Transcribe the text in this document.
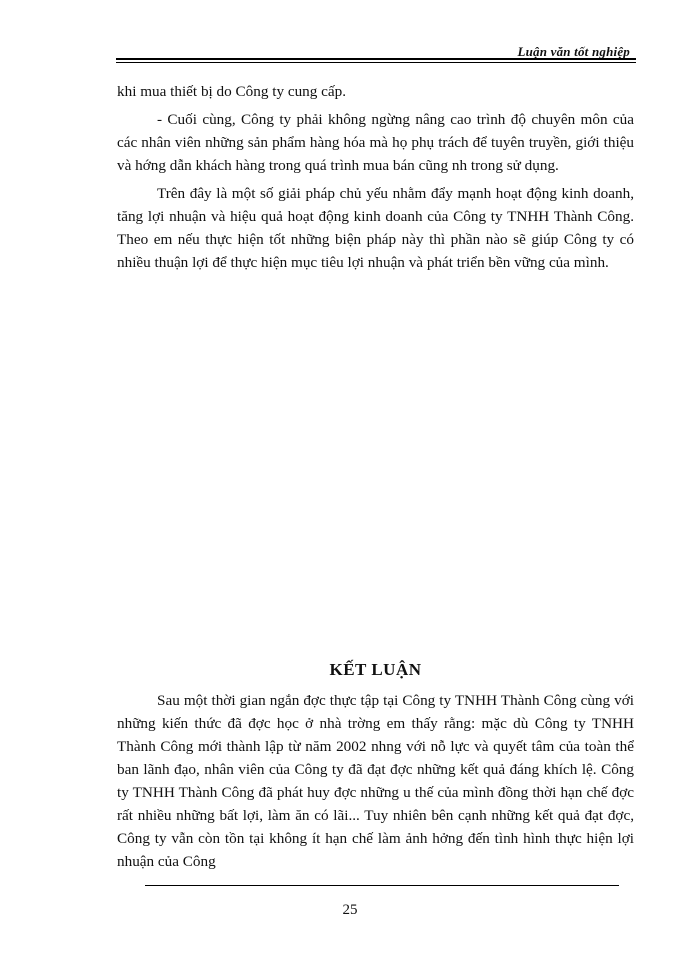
Luận văn tốt nghiệp

khi mua thiết bị do Công ty cung cấp.

- Cuối cùng, Công ty phải không ngừng nâng cao trình độ chuyên môn của các nhân viên những sản phẩm hàng hóa mà họ phụ trách để tuyên truyền, giới thiệu và hớng dẫn khách hàng trong quá trình mua bán cũng nh trong sử dụng.

Trên đây là một số giải pháp chủ yếu nhằm đẩy mạnh hoạt động kinh doanh, tăng lợi nhuận và hiệu quả hoạt động kinh doanh của Công ty TNHH Thành Công. Theo em nếu thực hiện tốt những biện pháp này thì phần nào sẽ giúp Công ty có nhiều thuận lợi để thực hiện mục tiêu lợi nhuận và phát triển bền vững của mình.

KẾT LUẬN

Sau một thời gian ngắn đợc thực tập tại Công ty TNHH Thành Công cùng với những kiến thức đã đợc học ở nhà trờng em thấy rằng: mặc dù Công ty TNHH Thành Công mới thành lập từ năm 2002 nhng với nỗ lực và quyết tâm của toàn thể ban lãnh đạo, nhân viên của Công ty đã đạt đợc những kết quả đáng khích lệ. Công ty TNHH Thành Công đã phát huy đợc những u thế của mình đồng thời hạn chế đợc rất nhiều những bất lợi, làm ăn có lãi... Tuy nhiên bên cạnh những kết quả đạt đợc, Công ty vẫn còn tồn tại không ít hạn chế làm ảnh hởng đến tình hình thực hiện lợi nhuận của Công

25
